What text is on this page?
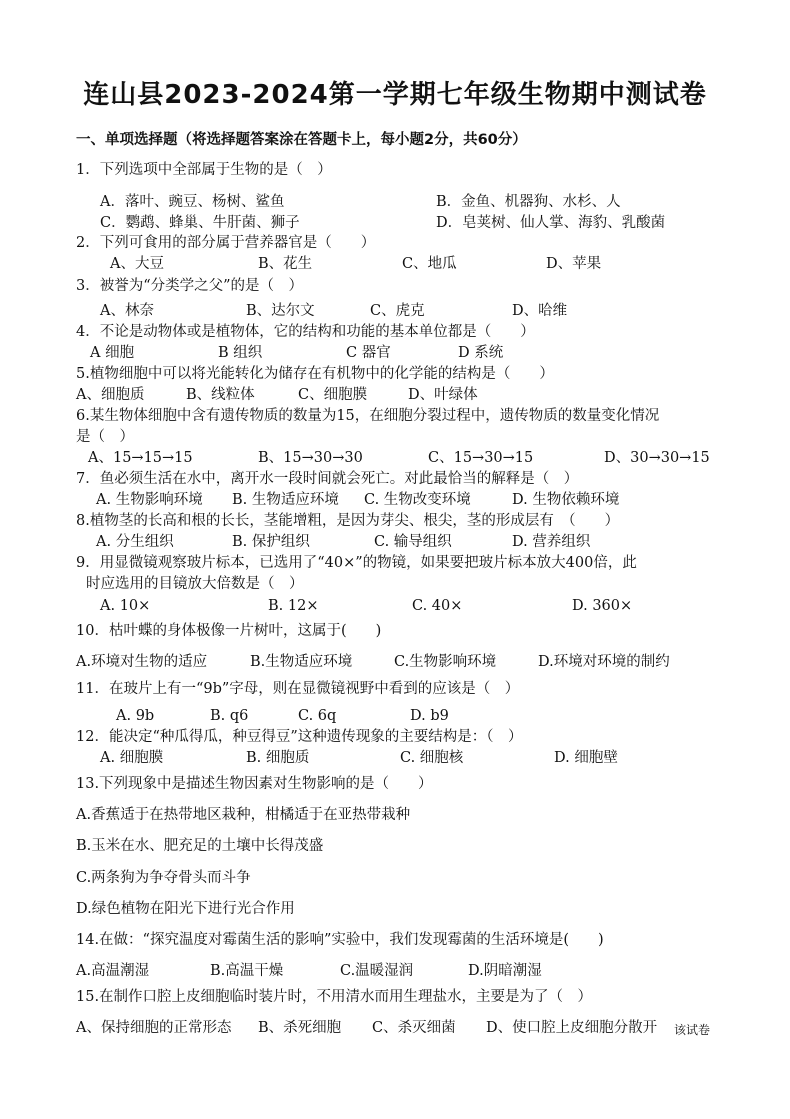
连山县2023-2024第一学期七年级生物期中测试卷
一、单项选择题（将选择题答案涂在答题卡上，每小题2分，共60分）
1．下列选项中全部属于生物的是（　）
A．落叶、豌豆、杨树、鲨鱼	B．金鱼、机器狗、水杉、人
C．鹦鹉、蜂巢、牛肝菌、狮子	D．皂荚树、仙人掌、海豹、乳酸菌
2．下列可食用的部分属于营养器官是（　　）
A、大豆	B、花生	C、地瓜	D、苹果
3．被誉为“分类学之父”的是（　）
A、林奈	B、达尔文	C、虎克	D、哈维
4．不论是动物体或是植物体，它的结构和功能的基本单位都是（　　）
A 细胞	B 组织	C 器官	D 系统
5.植物细胞中可以将光能转化为储存在有机物中的化学能的结构是（　　）
A、细胞质	B、线粒体	C、细胞膜	D、叶绿体
6.某生物体细胞中含有遗传物质的数量为15，在细胞分裂过程中，遗传物质的数量变化情况
是（　）
A、15→15→15	B、15→30→30	C、15→30→15	D、30→30→15
7．鱼必须生活在水中，离开水一段时间就会死亡。对此最恰当的解释是（　）
A. 生物影响环境 B. 生物适应环境 C. 生物改变环境	D. 生物依赖环境
8.植物茎的长高和根的长长，茎能增粗，是因为芽尖、根尖，茎的形成层有　（　　）
A. 分生组织	B. 保护组织	C. 输导组织	D. 营养组织
9．用显微镜观察玻片标本，已选用了“40×”的物镜，如果要把玻片标本放大400倍，此
时应选用的目镜放大倍数是（　）
A. 10×	B. 12×	C. 40×	D. 360×
10．枯叶蝶的身体极像一片树叶，这属于(　　)
A.环境对生物的适应	B.生物适应环境	C.生物影响环境	D.环境对环境的制约
11．在玻片上有一“9b”字母，则在显微镜视野中看到的应该是（　）
A. 9b	B. q6	C. 6q	D. b9
12．能决定“种瓜得瓜，种豆得豆”这种遗传现象的主要结构是：（　）
A. 细胞膜	B. 细胞质	C. 细胞核	D. 细胞壁
13.下列现象中是描述生物因素对生物影响的是（　　）
A.香蕉适于在热带地区栽种，柑橘适于在亚热带栽种
B.玉米在水、肥充足的土壤中长得茂盛
C.两条狗为争夺骨头而斗争
D.绿色植物在阳光下进行光合作用
14.在做：“探究温度对霉菌生活的影响”实验中，我们发现霉菌的生活环境是(　　)
A.高温潮湿	B.高温干燥	C.温暖湿润	D.阴暗潮湿
15.在制作口腔上皮细胞临时装片时，不用清水而用生理盐水，主要是为了（　）
A、保持细胞的正常形态 B、杀死细胞 C、杀灭细菌 D、使口腔上皮细胞分散开 该试卷
